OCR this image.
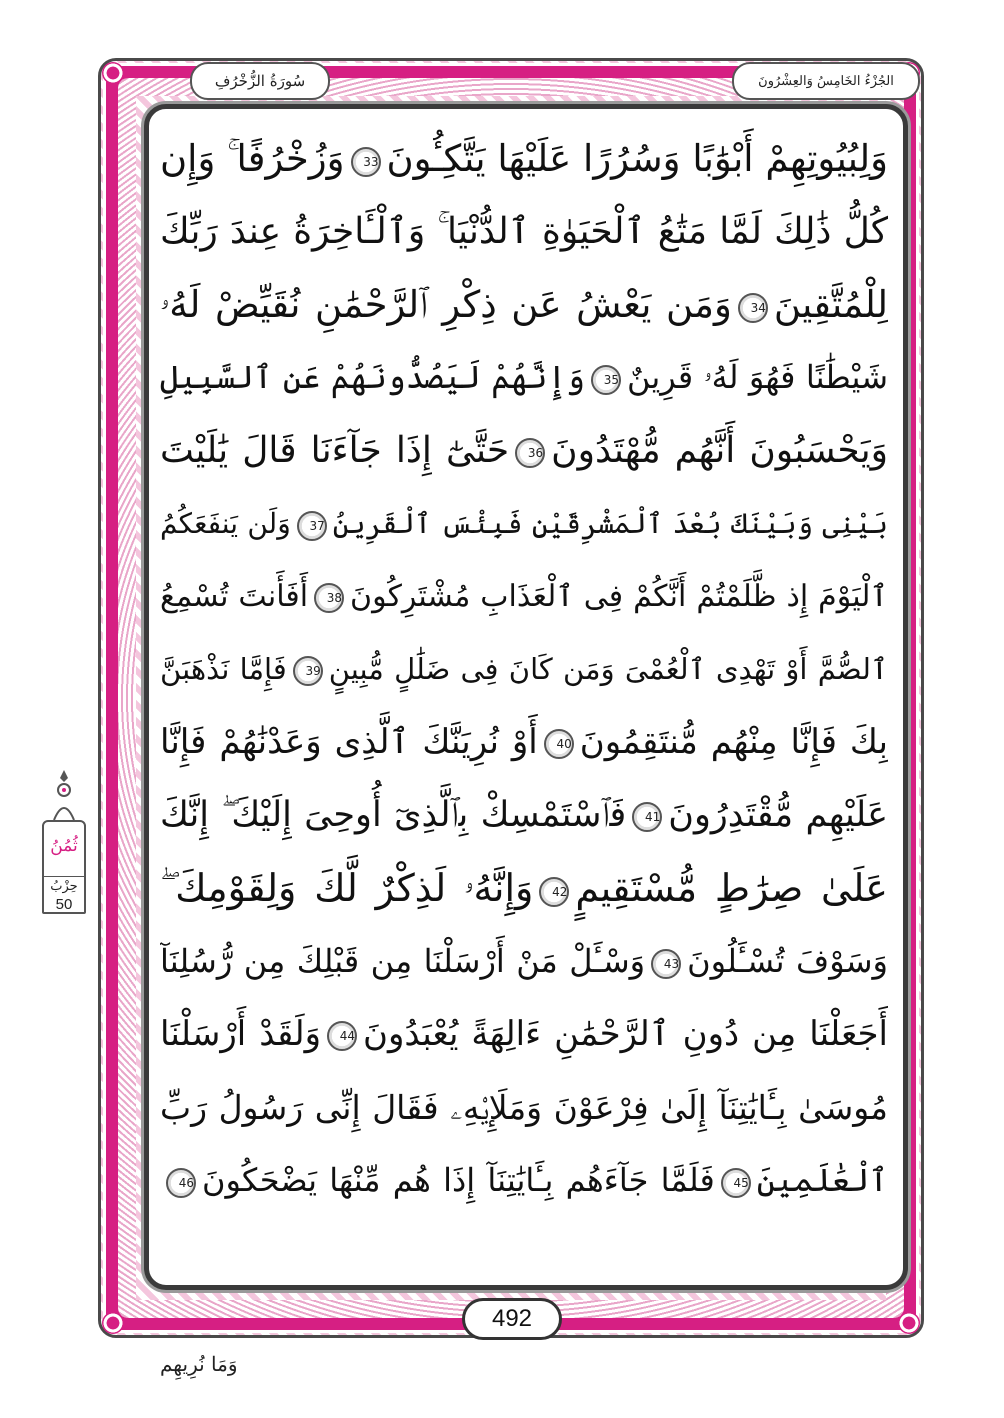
سُورَةُ الزُّخْرُفِ	الجُزْءُ الخَامِسُ وَالعِشْرُونَ
وَلِبُيُوتِهِمْ أَبْوَٰبًا وَسُرُرًا عَلَيْهَا يَتَّكِـُٔونَ33وَزُخْرُفًا ۚ وَإِن
كُلُّ ذَٰلِكَ لَمَّا مَتَٰعُ ٱلْحَيَوٰةِ ٱلدُّنْيَا ۚ وَٱلْـَٔاخِرَةُ عِندَ رَبِّكَ
لِلْمُتَّقِينَ34وَمَن يَعْشُ عَن ذِكْرِ ٱلرَّحْمَٰنِ نُقَيِّضْ لَهُۥ
شَيْطَٰنًا فَهُوَ لَهُۥ قَرِينٌ35وَإِنَّهُمْ لَيَصُدُّونَهُمْ عَنِ ٱلسَّبِيلِ
وَيَحْسَبُونَ أَنَّهُم مُّهْتَدُونَ36حَتَّىٰٓ إِذَا جَآءَنَا قَالَ يَٰلَيْتَ
بَيْنِى وَبَيْنَكَ بُعْدَ ٱلْمَشْرِقَيْنِ فَبِئْسَ ٱلْقَرِينُ37وَلَن يَنفَعَكُمُ
ٱلْيَوْمَ إِذ ظَّلَمْتُمْ أَنَّكُمْ فِى ٱلْعَذَابِ مُشْتَرِكُونَ38أَفَأَنتَ تُسْمِعُ
ٱلصُّمَّ أَوْ تَهْدِى ٱلْعُمْىَ وَمَن كَانَ فِى ضَلَٰلٍ مُّبِينٍ39فَإِمَّا نَذْهَبَنَّ
بِكَ فَإِنَّا مِنْهُم مُّنتَقِمُونَ40أَوْ نُرِيَنَّكَ ٱلَّذِى وَعَدْنَٰهُمْ فَإِنَّا
عَلَيْهِم مُّقْتَدِرُونَ41فَٱسْتَمْسِكْ بِٱلَّذِىٓ أُوحِىَ إِلَيْكَ ۖ إِنَّكَ
عَلَىٰ صِرَٰطٍ مُّسْتَقِيمٍ42وَإِنَّهُۥ لَذِكْرٌ لَّكَ وَلِقَوْمِكَ ۖ
وَسَوْفَ تُسْـَٔلُونَ43وَسْـَٔلْ مَنْ أَرْسَلْنَا مِن قَبْلِكَ مِن رُّسُلِنَآ
أَجَعَلْنَا مِن دُونِ ٱلرَّحْمَٰنِ ءَالِهَةً يُعْبَدُونَ44وَلَقَدْ أَرْسَلْنَا
مُوسَىٰ بِـَٔايَٰتِنَآ إِلَىٰ فِرْعَوْنَ وَمَلَإِي۟هِۦ فَقَالَ إِنِّى رَسُولُ رَبِّ
ٱلْعَٰلَمِينَ45فَلَمَّا جَآءَهُم بِـَٔايَٰتِنَآ إِذَا هُم مِّنْهَا يَضْحَكُونَ46
492
ثُمُنُ
حِزْبُ
50
وَمَا نُرِيهِم
